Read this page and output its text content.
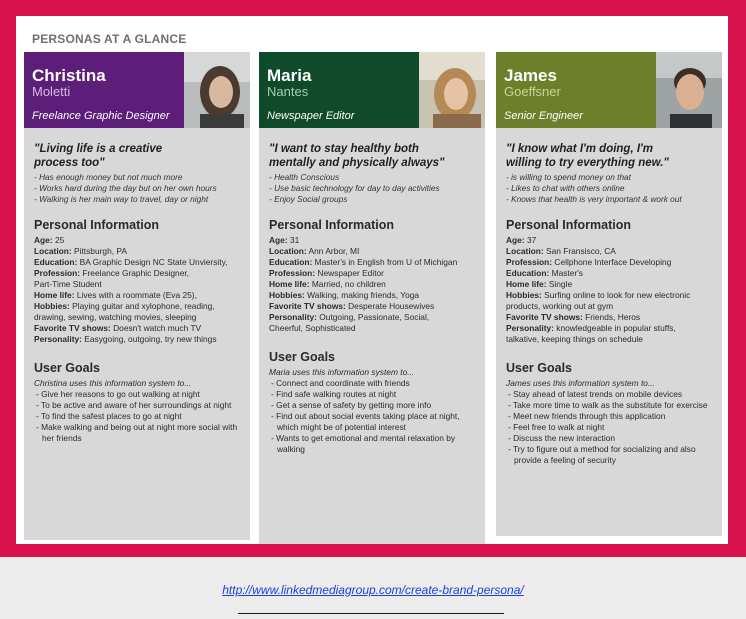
PERSONAS AT A GLANCE
Christina
Moletti
Freelance Graphic Designer
"Living life is a creative
process too"
- Has enough money but not much more
- Works hard during the day but on her own hours
- Walking is her main way to travel, day or night
Personal Information
Age: 25
Location: Pittsburgh, PA
Education: BA Graphic Design NC State Unviersity,
Profession: Freelance Graphic Designer,
Part-Time Student
Home life: Lives with a roommate (Eva 25),
Hobbies: Playing guitar and xylophone, reading,
drawing, sewing, watching movies, sleeping
Favorite TV shows: Doesn't watch much TV
Personality: Easygoing, outgoing, try new things
User Goals
Christina uses this information system to...
- Give her reasons to go out walking at night
- To be active and aware of her surroundings at night
- To find the safest places to go at night
- Make walking and being out at night more social with her friends
Maria
Nantes
Newspaper Editor
"I want to stay healthy both
mentally and physically always"
- Health Conscious
- Use basic technology for day to day activities
- Enjoy Social groups
Personal Information
Age: 31
Location: Ann Arbor, MI
Education: Master's in English from U of Michigan
Profession: Newspaper Editor
Home life: Married, no children
Hobbies: Walking, making friends, Yoga
Favorite TV shows: Desperate Housewives
Personality: Outgoing, Passionate, Social,
Cheerful, Sophisticated
User Goals
Maria uses this information system to...
- Connect and coordinate with friends
- Find safe walking routes at night
- Get a sense of safety by getting more info
- Find out about social events taking place at night, which might be of potential interest
- Wants to get emotional and mental relaxation by walking
James
Goeffsner
Senior Engineer
"I know what I'm doing, I'm
willing to try everything new."
- is willing to spend money on that
- Likes to chat with others online
- Knows that health is very important & work out
Personal Information
Age: 37
Location: San Fransisco, CA
Profession: Cellphone Interface Developing
Education: Master's
Home life: Single
Hobbies: Surfing online to look for new electronic
products, working out at gym
Favorite TV shows: Friends, Heros
Personality: knowledgeable in popular stuffs,
talkative, keeping things on schedule
User Goals
James uses this information system to...
- Stay ahead of latest trends on mobile devices
- Take more time to walk as the substitute for exercise
- Meet new friends through this application
- Feel free to walk at night
- Discuss the new interaction
- Try to figure out a method for socializing and also provide a feeling of security
http://www.linkedmediagroup.com/create-brand-persona/
